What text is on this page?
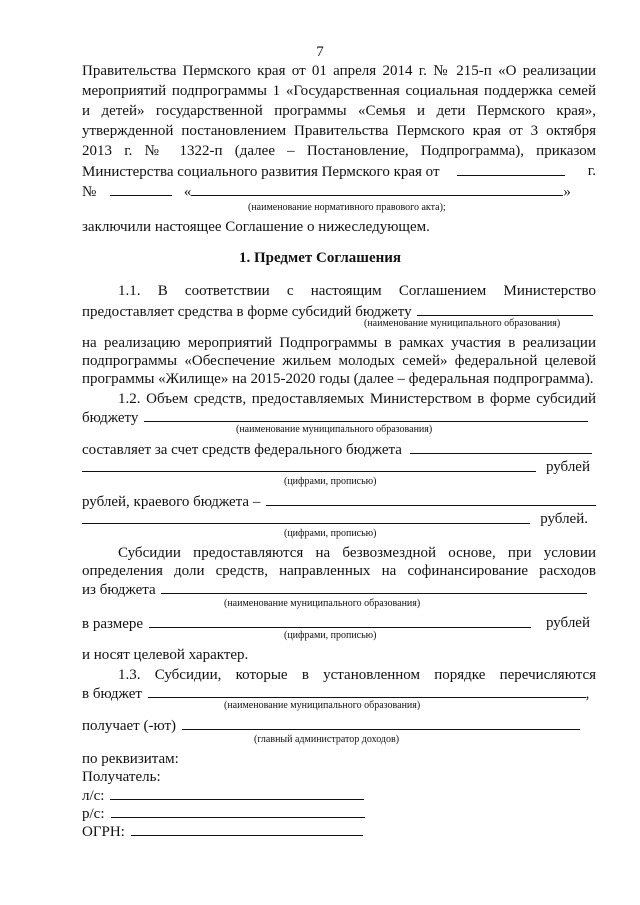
7
Правительства Пермского края от 01 апреля 2014 г. № 215-п «О реализации
мероприятий подпрограммы 1 «Государственная социальная поддержка семей
и детей» государственной программы «Семья и дети Пермского края»,
утвержденной постановлением Правительства Пермского края от 3 октября
2013 г. № 1322-п (далее – Постановление, Подпрограмма), приказом
Министерства социального развития Пермского края от	г.
№	«	»
(наименование нормативного правового акта);
заключили настоящее Соглашение о нижеследующем.
1. Предмет Соглашения
1.1. В соответствии с настоящим Соглашением Министерство
предоставляет средства в форме субсидий бюджету
(наименование муниципального образования)
на реализацию мероприятий Подпрограммы в рамках участия в реализации
подпрограммы «Обеспечение жильем молодых семей» федеральной целевой
программы «Жилище» на 2015-2020 годы (далее – федеральная подпрограмма).
1.2. Объем средств, предоставляемых Министерством в форме субсидий
бюджету
(наименование муниципального образования)
составляет за счет средств федерального бюджета
рублей
(цифрами, прописью)
рублей, краевого бюджета –
рублей.
(цифрами, прописью)
Субсидии предоставляются на безвозмездной основе, при условии
определения доли средств, направленных на софинансирование расходов
из бюджета
(наименование муниципального образования)
в размере	рублей
(цифрами, прописью)
и носят целевой характер.
1.3. Субсидии, которые в установленном порядке перечисляются
в бюджет	,
(наименование муниципального образования)
получает (-ют)
(главный администратор доходов)
по реквизитам:
Получатель:
л/с:
р/с:
ОГРН:
